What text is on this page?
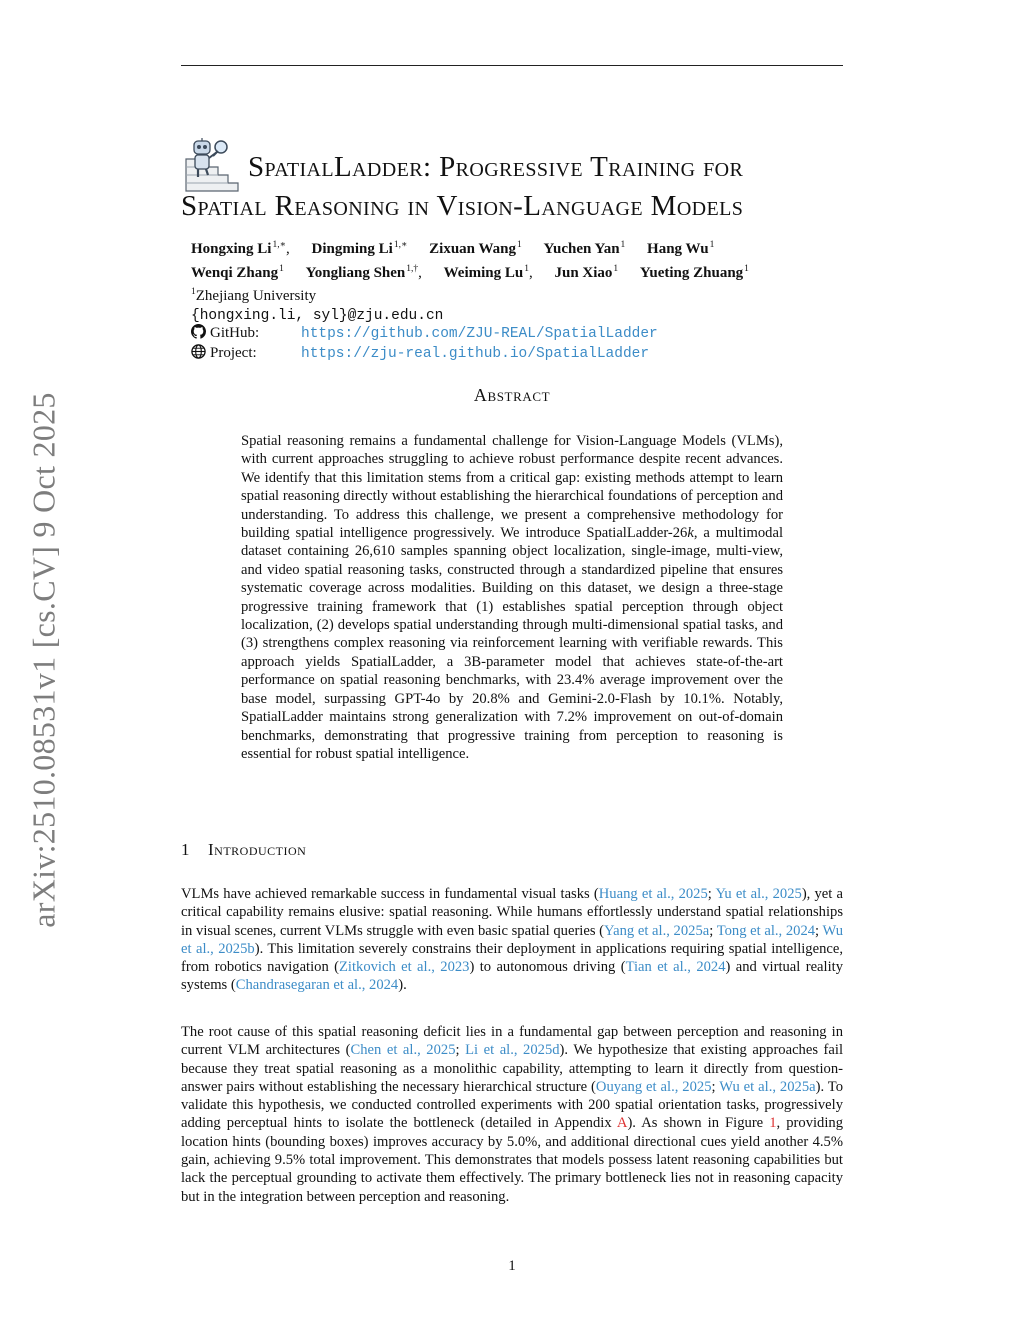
arXiv:2510.08531v1 [cs.CV] 9 Oct 2025
SpatialLadder: Progressive Training for
Spatial Reasoning in Vision-Language Models
Hongxing $Li^{1,∗}$, Dingming $Li^{1,∗}$ Zixuan Wang$^1$ Yuchen Yan$^1$ Hang Wu$^1$
Wenqi Zhang$^1$ Yongliang Shen$^{1,\dagger}$, Weiming Lu$^1$, Jun Xiao$^1$ Yueting Zhuang$^1$
$^1$Zhejiang University
{hongxing.li, syl}@zju.edu.cn
GitHub:	https://github.com/ZJU-REAL/SpatialLadder
Project:	https://zju-real.github.io/SpatialLadder
Abstract

Spatial reasoning remains a fundamental challenge for Vision-Language Models (VLMs), with current approaches struggling to achieve robust performance despite recent advances. We identify that this limitation stems from a critical gap: existing methods attempt to learn spatial reasoning directly without establishing the hierarchical foundations of perception and understanding. To address this challenge, we present a comprehensive methodology for building spatial intelligence progressively. We introduce SpatialLadder-26k, a multimodal dataset containing 26,610 samples spanning object localization, single-image, multi-view, and video spatial reasoning tasks, constructed through a standardized pipeline that ensures systematic coverage across modalities. Building on this dataset, we design a three-stage progressive training framework that (1) establishes spatial perception through object localization, (2) develops spatial understanding through multi-dimensional spatial tasks, and (3) strengthens complex reasoning via reinforcement learning with verifiable rewards. This approach yields SpatialLadder, a 3B-parameter model that achieves state-of-the-art performance on spatial reasoning benchmarks, with 23.4% average improvement over the base model, surpassing GPT-4o by 20.8% and Gemini-2.0-Flash by 10.1%. Notably, SpatialLadder maintains strong generalization with 7.2% improvement on out-of-domain benchmarks, demonstrating that progressive training from perception to reasoning is essential for robust spatial intelligence.

1 Introduction

VLMs have achieved remarkable success in fundamental visual tasks (Huang et al., 2025; Yu et al., 2025), yet a critical capability remains elusive: spatial reasoning. While humans effortlessly understand spatial relationships in visual scenes, current VLMs struggle with even basic spatial queries (Yang et al., 2025a; Tong et al., 2024; Wu et al., 2025b). This limitation severely constrains their deployment in applications requiring spatial intelligence, from robotics navigation (Zitkovich et al., 2023) to autonomous driving (Tian et al., 2024) and virtual reality systems (Chandrasegaran et al., 2024).

The root cause of this spatial reasoning deficit lies in a fundamental gap between perception and reasoning in current VLM architectures (Chen et al., 2025; Li et al., 2025d). We hypothesize that existing approaches fail because they treat spatial reasoning as a monolithic capability, attempting to learn it directly from question-answer pairs without establishing the necessary hierarchical structure (Ouyang et al., 2025; Wu et al., 2025a). To validate this hypothesis, we conducted controlled experiments with 200 spatial orientation tasks, progressively adding perceptual hints to isolate the bottleneck (detailed in Appendix A). As shown in Figure 1, providing location hints (bounding boxes) improves accuracy by 5.0%, and additional directional cues yield another 4.5% gain, achieving 9.5% total improvement. This demonstrates that models possess latent reasoning capabilities but lack the perceptual grounding to activate them effectively. The primary bottleneck lies not in reasoning capacity but in the integration between perception and reasoning.

1
